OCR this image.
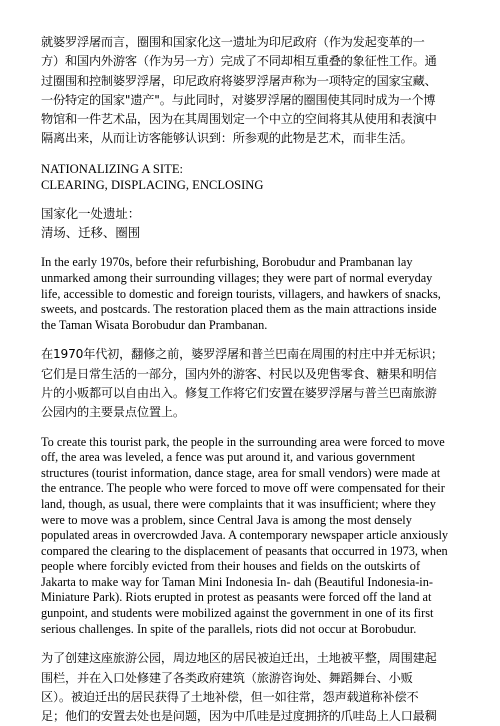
就婆罗浮屠而言，圈围和国家化这一遗址为印尼政府（作为发起变革的一
方）和国内外游客（作为另一方）完成了不同却相互重叠的象征性工作。通
过圈围和控制婆罗浮屠，印尼政府将婆罗浮屠声称为一项特定的国家宝藏、
一份特定的国家"遗产"。与此同时，对婆罗浮屠的圈围使其同时成为一个博
物馆和一件艺术品，因为在其周围划定一个中立的空间将其从使用和表演中
隔离出来，从而让访客能够认识到：所参观的此物是艺术，而非生活。

NATIONALIZING A SITE:
CLEARING, DISPLACING, ENCLOSING

国家化一处遗址：
清场、迁移、圈围

In the early 1970s, before their refurbishing, Borobudur and Prambanan lay
unmarked among their surrounding villages; they were part of normal everyday
life, accessible to domestic and foreign tourists, villagers, and hawkers of snacks,
sweets, and postcards. The restoration placed them as the main attractions inside
the Taman Wisata Borobudur dan Prambanan.

在1970年代初，翻修之前，婆罗浮屠和普兰巴南在周围的村庄中并无标识；
它们是日常生活的一部分，国内外的游客、村民以及兜售零食、糖果和明信
片的小贩都可以自由出入。修复工作将它们安置在婆罗浮屠与普兰巴南旅游
公园内的主要景点位置上。

To create this tourist park, the people in the surrounding area were forced to move
off, the area was leveled, a fence was put around it, and various government
structures (tourist information, dance stage, area for small vendors) were made at
the entrance. The people who were forced to move off were compensated for their
land, though, as usual, there were complaints that it was insufficient; where they
were to move was a problem, since Central Java is among the most densely
populated areas in overcrowded Java. A contemporary newspaper article anxiously
compared the clearing to the displacement of peasants that occurred in 1973, when
people where forcibly evicted from their houses and fields on the outskirts of
Jakarta to make way for Taman Mini Indonesia In- dah (Beautiful Indonesia-in-
Miniature Park). Riots erupted in protest as peasants were forced off the land at
gunpoint, and students were mobilized against the government in one of its first
serious challenges. In spite of the parallels, riots did not occur at Borobudur.

为了创建这座旅游公园，周边地区的居民被迫迁出，土地被平整，周围建起
围栏，并在入口处修建了各类政府建筑（旅游咨询处、舞蹈舞台、小贩
区）。被迫迁出的居民获得了土地补偿，但一如往常，怨声载道称补偿不
足；他们的安置去处也是问题，因为中爪哇是过度拥挤的爪哇岛上人口最稠
